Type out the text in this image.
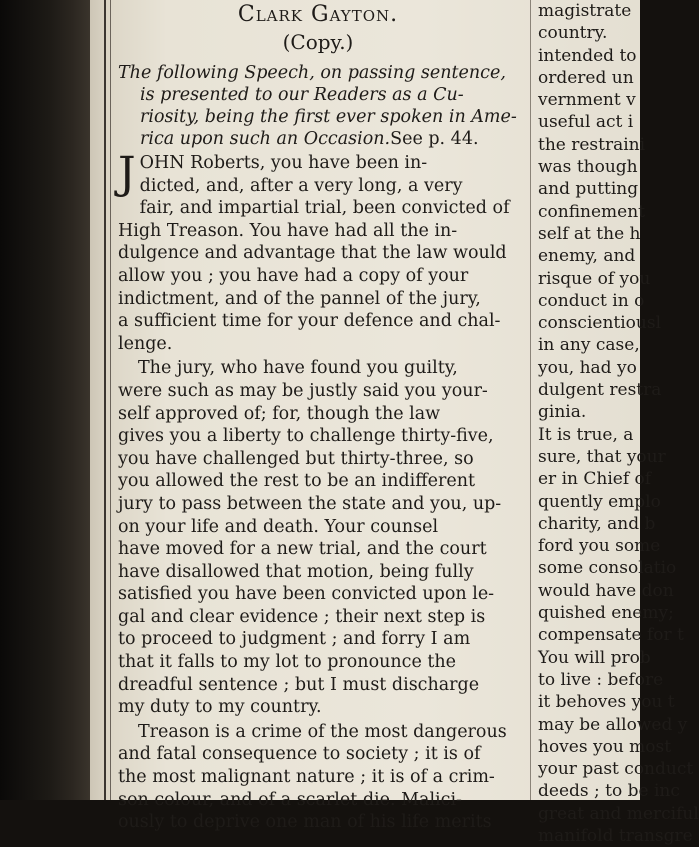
Clark Gayton.
(Copy.)
The following Speech, on passing sentence,
is presented to our Readers as a Cu-
riosity, being the first ever spoken in Ame-
rica upon such an Occasion.See p. 44.
J OHN Roberts, you have been in-
dicted, and, after a very long, a very
fair, and impartial trial, been convicted of
High Treason. You have had all the in-
dulgence and advantage that the law would
allow you ; you have had a copy of your
indictment, and of the pannel of the jury,
a sufficient time for your defence and chal-
lenge.
The jury, who have found you guilty,
were such as may be justly said you your-
self approved of; for, though the law
gives you a liberty to challenge thirty-five,
you have challenged but thirty-three, so
you allowed the rest to be an indifferent
jury to pass between the state and you, up-
on your life and death. Your counsel
have moved for a new trial, and the court
have disallowed that motion, being fully
satisfied you have been convicted upon le-
gal and clear evidence ; their next step is
to proceed to judgment ; and forry I am
that it falls to my lot to pronounce the
dreadful sentence ; but I must discharge
my duty to my country.
Treason is a crime of the most dangerous
and fatal consequence to society ; it is of
the most malignant nature ; it is of a crim-
son colour, and of a scarlet die. Malici-
ously to deprive one man of his life merits
magistrate
country.
intended to
ordered un
vernment v
useful act i
the restraini
was though
and putting
confinement
self at the h
enemy, and
risque of you
conduct in o
conscientiousl
in any case,
you, had yo
dulgent restra
ginia.
It is true, a
sure, that your
er in Chief of
quently emplo
charity, and b
ford you some
some consolatio
would have don
quished enemy;
compensate for t
You will prob
to live : before
it behoves you t
may be allowed y
hoves you most
your past conduct
deeds ; to be inc
great and merciful
manifold transgre
